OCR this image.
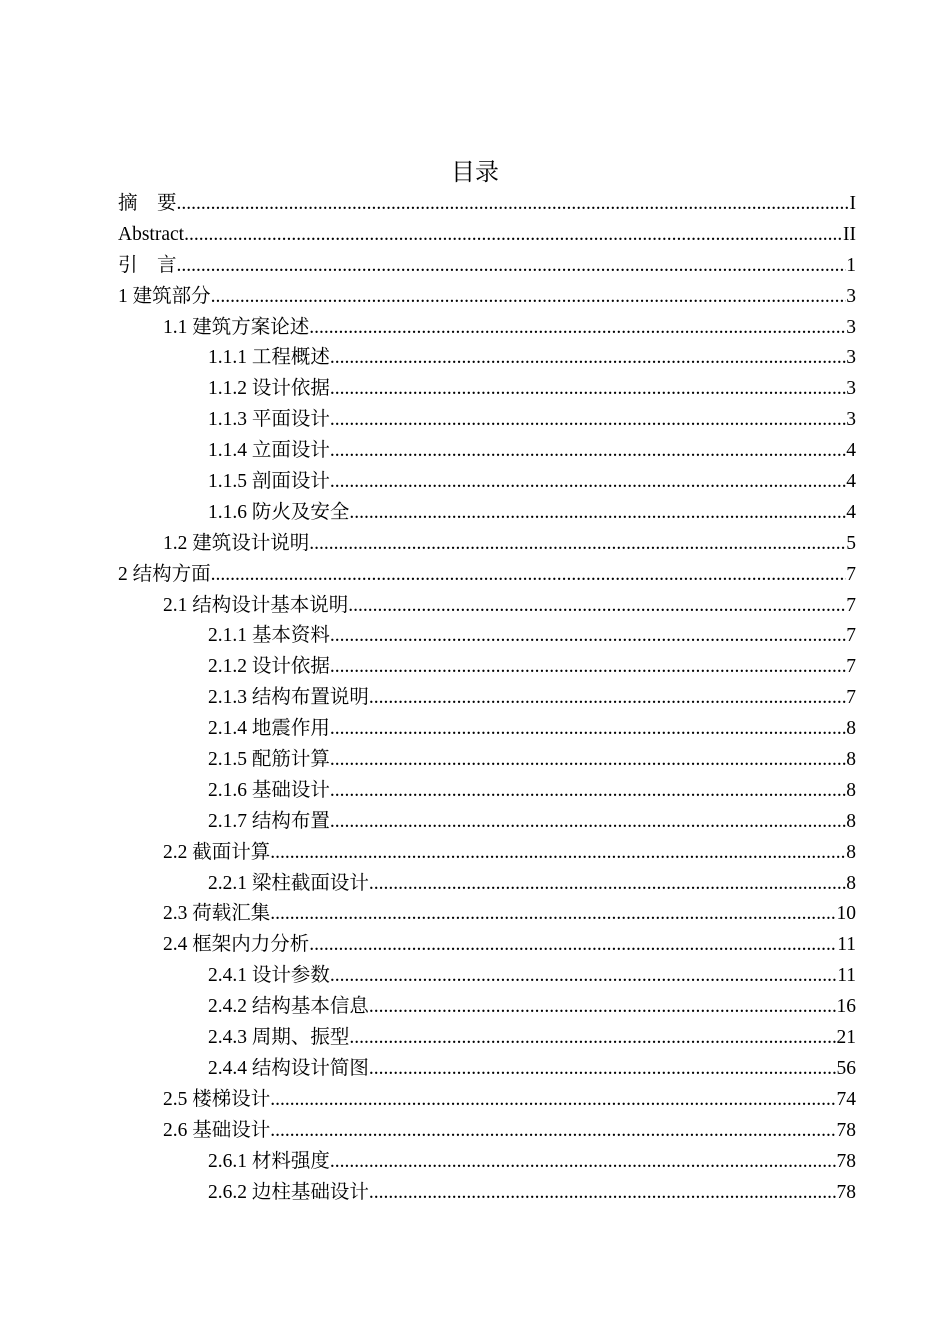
目录
摘　要 .....	I
Abstract .....	II
引　言 .....	1
1 建筑部分 .....	3
1.1 建筑方案论述 .....	3
1.1.1 工程概述 .....	3
1.1.2 设计依据 .....	3
1.1.3 平面设计 .....	3
1.1.4 立面设计 .....	4
1.1.5 剖面设计 .....	4
1.1.6 防火及安全 .....	4
1.2 建筑设计说明 .....	5
2 结构方面 .....	7
2.1 结构设计基本说明 .....	7
2.1.1 基本资料 .....	7
2.1.2 设计依据 .....	7
2.1.3 结构布置说明 .....	7
2.1.4 地震作用 .....	8
2.1.5 配筋计算 .....	8
2.1.6 基础设计 .....	8
2.1.7 结构布置 .....	8
2.2 截面计算 .....	8
2.2.1 梁柱截面设计 .....	8
2.3 荷载汇集 .....	10
2.4 框架内力分析 .....	11
2.4.1 设计参数 .....	11
2.4.2 结构基本信息 .....	16
2.4.3 周期、振型 .....	21
2.4.4 结构设计简图 .....	56
2.5 楼梯设计 .....	74
2.6 基础设计 .....	78
2.6.1 材料强度 .....	78
2.6.2 边柱基础设计 .....	78
